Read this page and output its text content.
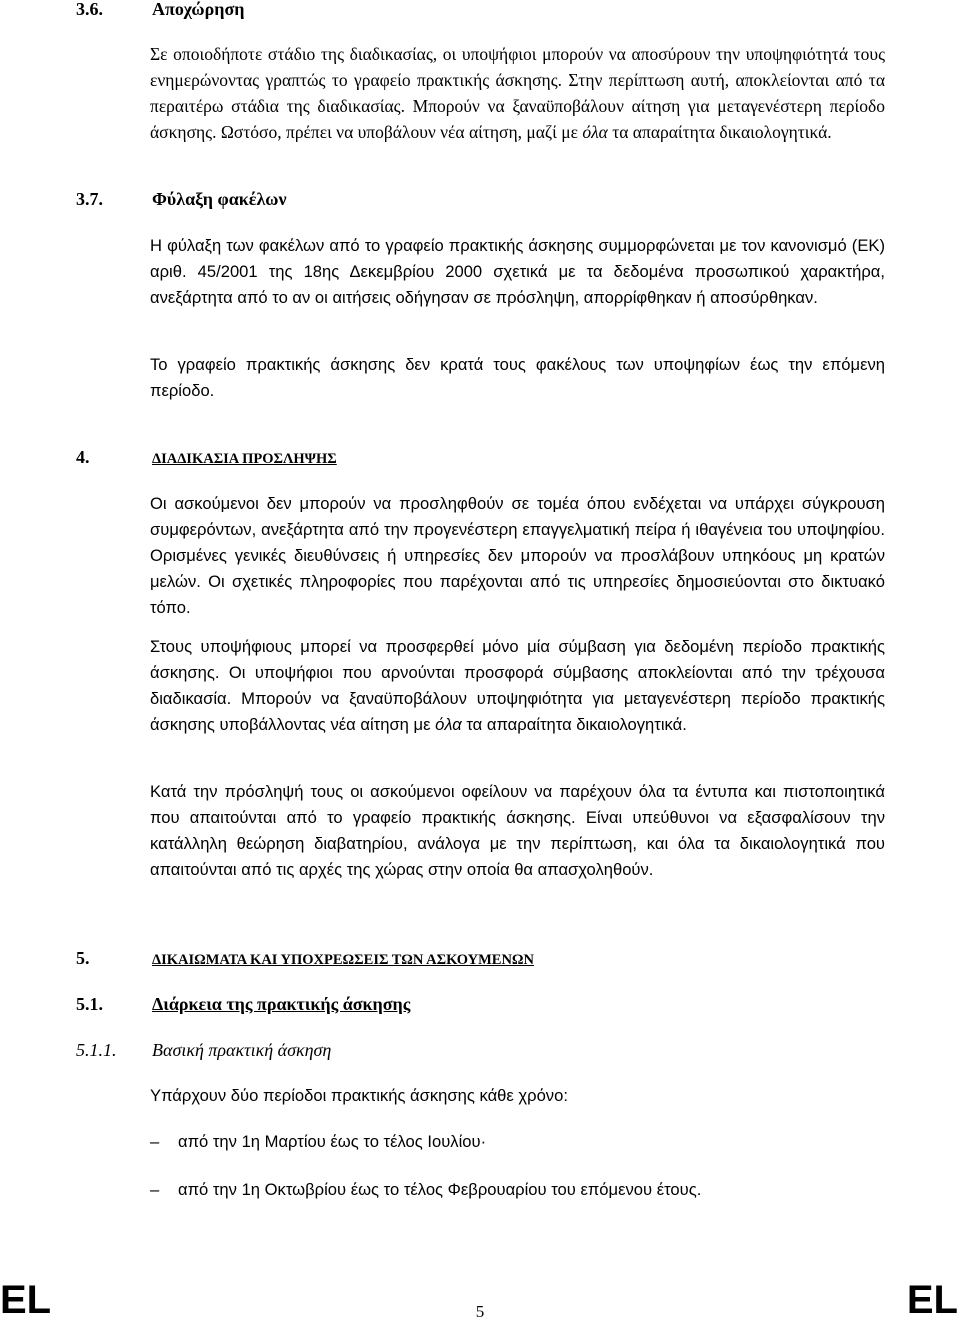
3.6.	Αποχώρηση

Σε οποιοδήποτε στάδιο της διαδικασίας, οι υποψήφιοι μπορούν να αποσύρουν την υποψηφιότητά τους ενημερώνοντας γραπτώς το γραφείο πρακτικής άσκησης. Στην περίπτωση αυτή, αποκλείονται από τα περαιτέρω στάδια της διαδικασίας. Μπορούν να ξαναϋποβάλουν αίτηση για μεταγενέστερη περίοδο άσκησης. Ωστόσο, πρέπει να υποβάλουν νέα αίτηση, μαζί με όλα τα απαραίτητα δικαιολογητικά.

3.7.	Φύλαξη φακέλων

Η φύλαξη των φακέλων από το γραφείο πρακτικής άσκησης συμμορφώνεται με τον κανονισμό (ΕΚ) αριθ. 45/2001 της 18ης Δεκεμβρίου 2000 σχετικά με τα δεδομένα προσωπικού χαρακτήρα, ανεξάρτητα από το αν οι αιτήσεις οδήγησαν σε πρόσληψη, απορρίφθηκαν ή αποσύρθηκαν.

Το γραφείο πρακτικής άσκησης δεν κρατά τους φακέλους των υποψηφίων έως την επόμενη περίοδο.

4.	ΔΙΑΔΙΚΑΣΙΑ ΠΡΟΣΛΗΨΗΣ

Οι ασκούμενοι δεν μπορούν να προσληφθούν σε τομέα όπου ενδέχεται να υπάρχει σύγκρουση συμφερόντων, ανεξάρτητα από την προγενέστερη επαγγελματική πείρα ή ιθαγένεια του υποψηφίου. Ορισμένες γενικές διευθύνσεις ή υπηρεσίες δεν μπορούν να προσλάβουν υπηκόους μη κρατών μελών. Οι σχετικές πληροφορίες που παρέχονται από τις υπηρεσίες δημοσιεύονται στο δικτυακό τόπο.

Στους υποψήφιους μπορεί να προσφερθεί μόνο μία σύμβαση για δεδομένη περίοδο πρακτικής άσκησης. Οι υποψήφιοι που αρνούνται προσφορά σύμβασης αποκλείονται από την τρέχουσα διαδικασία. Μπορούν να ξαναϋποβάλουν υποψηφιότητα για μεταγενέστερη περίοδο πρακτικής άσκησης υποβάλλοντας νέα αίτηση με όλα τα απαραίτητα δικαιολογητικά.

Κατά την πρόσληψή τους οι ασκούμενοι οφείλουν να παρέχουν όλα τα έντυπα και πιστοποιητικά που απαιτούνται από το γραφείο πρακτικής άσκησης. Είναι υπεύθυνοι να εξασφαλίσουν την κατάλληλη θεώρηση διαβατηρίου, ανάλογα με την περίπτωση, και όλα τα δικαιολογητικά που απαιτούνται από τις αρχές της χώρας στην οποία θα απασχοληθούν.

5.	ΔΙΚΑΙΩΜΑΤΑ ΚΑΙ ΥΠΟΧΡΕΩΣΕΙΣ ΤΩΝ ΑΣΚΟΥΜΕΝΩΝ
5.1.	Διάρκεια της πρακτικής άσκησης
5.1.1. Βασική πρακτική άσκηση

Υπάρχουν δύο περίοδοι πρακτικής άσκησης κάθε χρόνο:

– από την 1η Μαρτίου έως το τέλος Ιουλίου·
– από την 1η Οκτωβρίου έως το τέλος Φεβρουαρίου του επόμενου έτους.
EL	5	EL
